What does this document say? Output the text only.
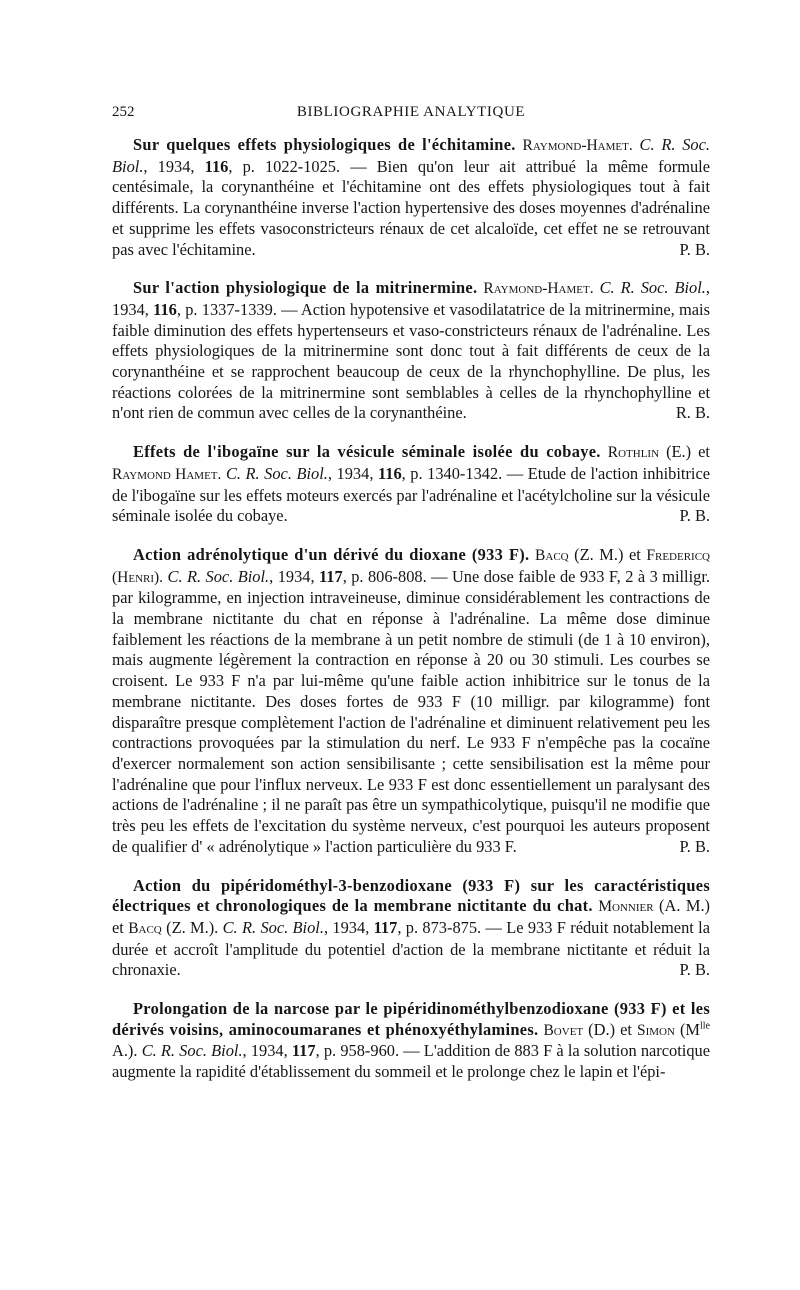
252	BIBLIOGRAPHIE ANALYTIQUE

Sur quelques effets physiologiques de l'échitamine. Raymond-Hamet. C. R. Soc. Biol., 1934, 116, p. 1022-1025. — Bien qu'on leur ait attribué la même formule centésimale, la corynanthéine et l'échitamine ont des effets physiologiques tout à fait différents. La corynanthéine inverse l'action hypertensive des doses moyennes d'adrénaline et supprime les effets vasoconstricteurs rénaux de cet alcaloïde, cet effet ne se retrouvant pas avec l'échitamine.	P. B.

Sur l'action physiologique de la mitrinermine. Raymond-Hamet. C. R. Soc. Biol., 1934, 116, p. 1337-1339. — Action hypotensive et vasodilatatrice de la mitrinermine, mais faible diminution des effets hypertenseurs et vaso-constricteurs rénaux de l'adrénaline. Les effets physiologiques de la mitrinermine sont donc tout à fait différents de ceux de la corynanthéine et se rapprochent beaucoup de ceux de la rhynchophylline. De plus, les réactions colorées de la mitrinermine sont semblables à celles de la rhynchophylline et n'ont rien de commun avec celles de la corynanthéine.	R. B.

Effets de l'ibogaïne sur la vésicule séminale isolée du cobaye. Rothlin (E.) et Raymond Hamet. C. R. Soc. Biol., 1934, 116, p. 1340-1342. — Etude de l'action inhibitrice de l'ibogaïne sur les effets moteurs exercés par l'adrénaline et l'acétylcholine sur la vésicule séminale isolée du cobaye.	P. B.

Action adrénolytique d'un dérivé du dioxane (933 F). Bacq (Z. M.) et Fredericq (Henri). C. R. Soc. Biol., 1934, 117, p. 806-808. — Une dose faible de 933 F, 2 à 3 milligr. par kilogramme, en injection intraveineuse, diminue considérablement les contractions de la membrane nictitante du chat en réponse à l'adrénaline. La même dose diminue faiblement les réactions de la membrane à un petit nombre de stimuli (de 1 à 10 environ), mais augmente légèrement la contraction en réponse à 20 ou 30 stimuli. Les courbes se croisent. Le 933 F n'a par lui-même qu'une faible action inhibitrice sur le tonus de la membrane nictitante. Des doses fortes de 933 F (10 milligr. par kilogramme) font disparaître presque complètement l'action de l'adrénaline et diminuent relativement peu les contractions provoquées par la stimulation du nerf. Le 933 F n'empêche pas la cocaïne d'exercer normalement son action sensibilisante ; cette sensibilisation est la même pour l'adrénaline que pour l'influx nerveux. Le 933 F est donc essentiellement un paralysant des actions de l'adrénaline ; il ne paraît pas être un sympathicolytique, puisqu'il ne modifie que très peu les effets de l'excitation du système nerveux, c'est pourquoi les auteurs proposent de qualifier d' « adrénolytique » l'action particulière du 933 F.	P. B.

Action du pipéridométhyl-3-benzodioxane (933 F) sur les caractéristiques électriques et chronologiques de la membrane nictitante du chat. Monnier (A. M.) et Bacq (Z. M.). C. R. Soc. Biol., 1934, 117, p. 873-875. — Le 933 F réduit notablement la durée et accroît l'amplitude du potentiel d'action de la membrane nictitante et réduit la chronaxie.	P. B.

Prolongation de la narcose par le pipéridinométhylbenzodioxane (933 F) et les dérivés voisins, aminocoumaranes et phénoxyéthylamines. Bovet (D.) et Simon ($M^{lle}$ A.). C. R. Soc. Biol., 1934, 117, p. 958-960. — L'addition de 883 F à la solution narcotique augmente la rapidité d'établissement du sommeil et le prolonge chez le lapin et l'épi-
